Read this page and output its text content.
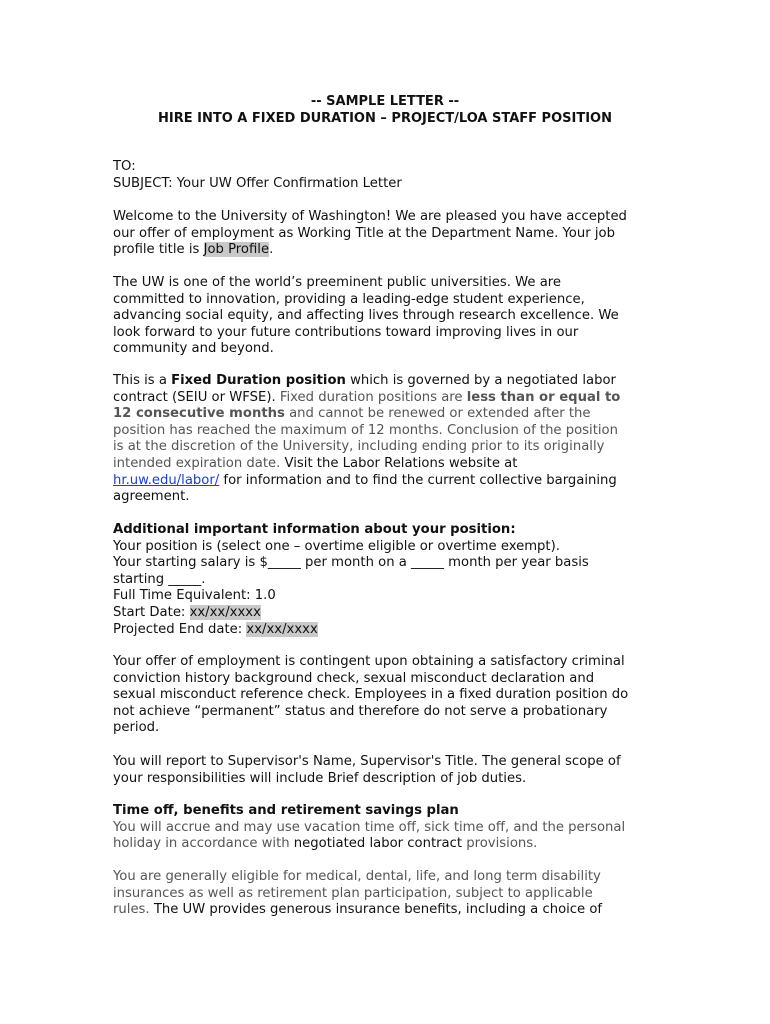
-- SAMPLE LETTER --
HIRE INTO A FIXED DURATION – PROJECT/LOA STAFF POSITION
TO:
SUBJECT: Your UW Offer Confirmation Letter
Welcome to the University of Washington! We are pleased you have accepted
our offer of employment as Working Title at the Department Name. Your job
profile title is Job Profile.
The UW is one of the world’s preeminent public universities. We are
committed to innovation, providing a leading-edge student experience,
advancing social equity, and affecting lives through research excellence. We
look forward to your future contributions toward improving lives in our
community and beyond.
This is a Fixed Duration position which is governed by a negotiated labor
contract (SEIU or WFSE). Fixed duration positions are less than or equal to
12 consecutive months and cannot be renewed or extended after the
position has reached the maximum of 12 months. Conclusion of the position
is at the discretion of the University, including ending prior to its originally
intended expiration date. Visit the Labor Relations website at
hr.uw.edu/labor/ for information and to find the current collective bargaining
agreement.
Additional important information about your position:
Your position is (select one – overtime eligible or overtime exempt).
Your starting salary is $_____ per month on a _____ month per year basis
starting _____.
Full Time Equivalent: 1.0
Start Date: xx/xx/xxxx
Projected End date: xx/xx/xxxx
Your offer of employment is contingent upon obtaining a satisfactory criminal
conviction history background check, sexual misconduct declaration and
sexual misconduct reference check. Employees in a fixed duration position do
not achieve “permanent” status and therefore do not serve a probationary
period.
You will report to Supervisor's Name, Supervisor's Title. The general scope of
your responsibilities will include Brief description of job duties.
Time off, benefits and retirement savings plan
You will accrue and may use vacation time off, sick time off, and the personal
holiday in accordance with negotiated labor contract provisions.
You are generally eligible for medical, dental, life, and long term disability
insurances as well as retirement plan participation, subject to applicable
rules. The UW provides generous insurance benefits, including a choice of
